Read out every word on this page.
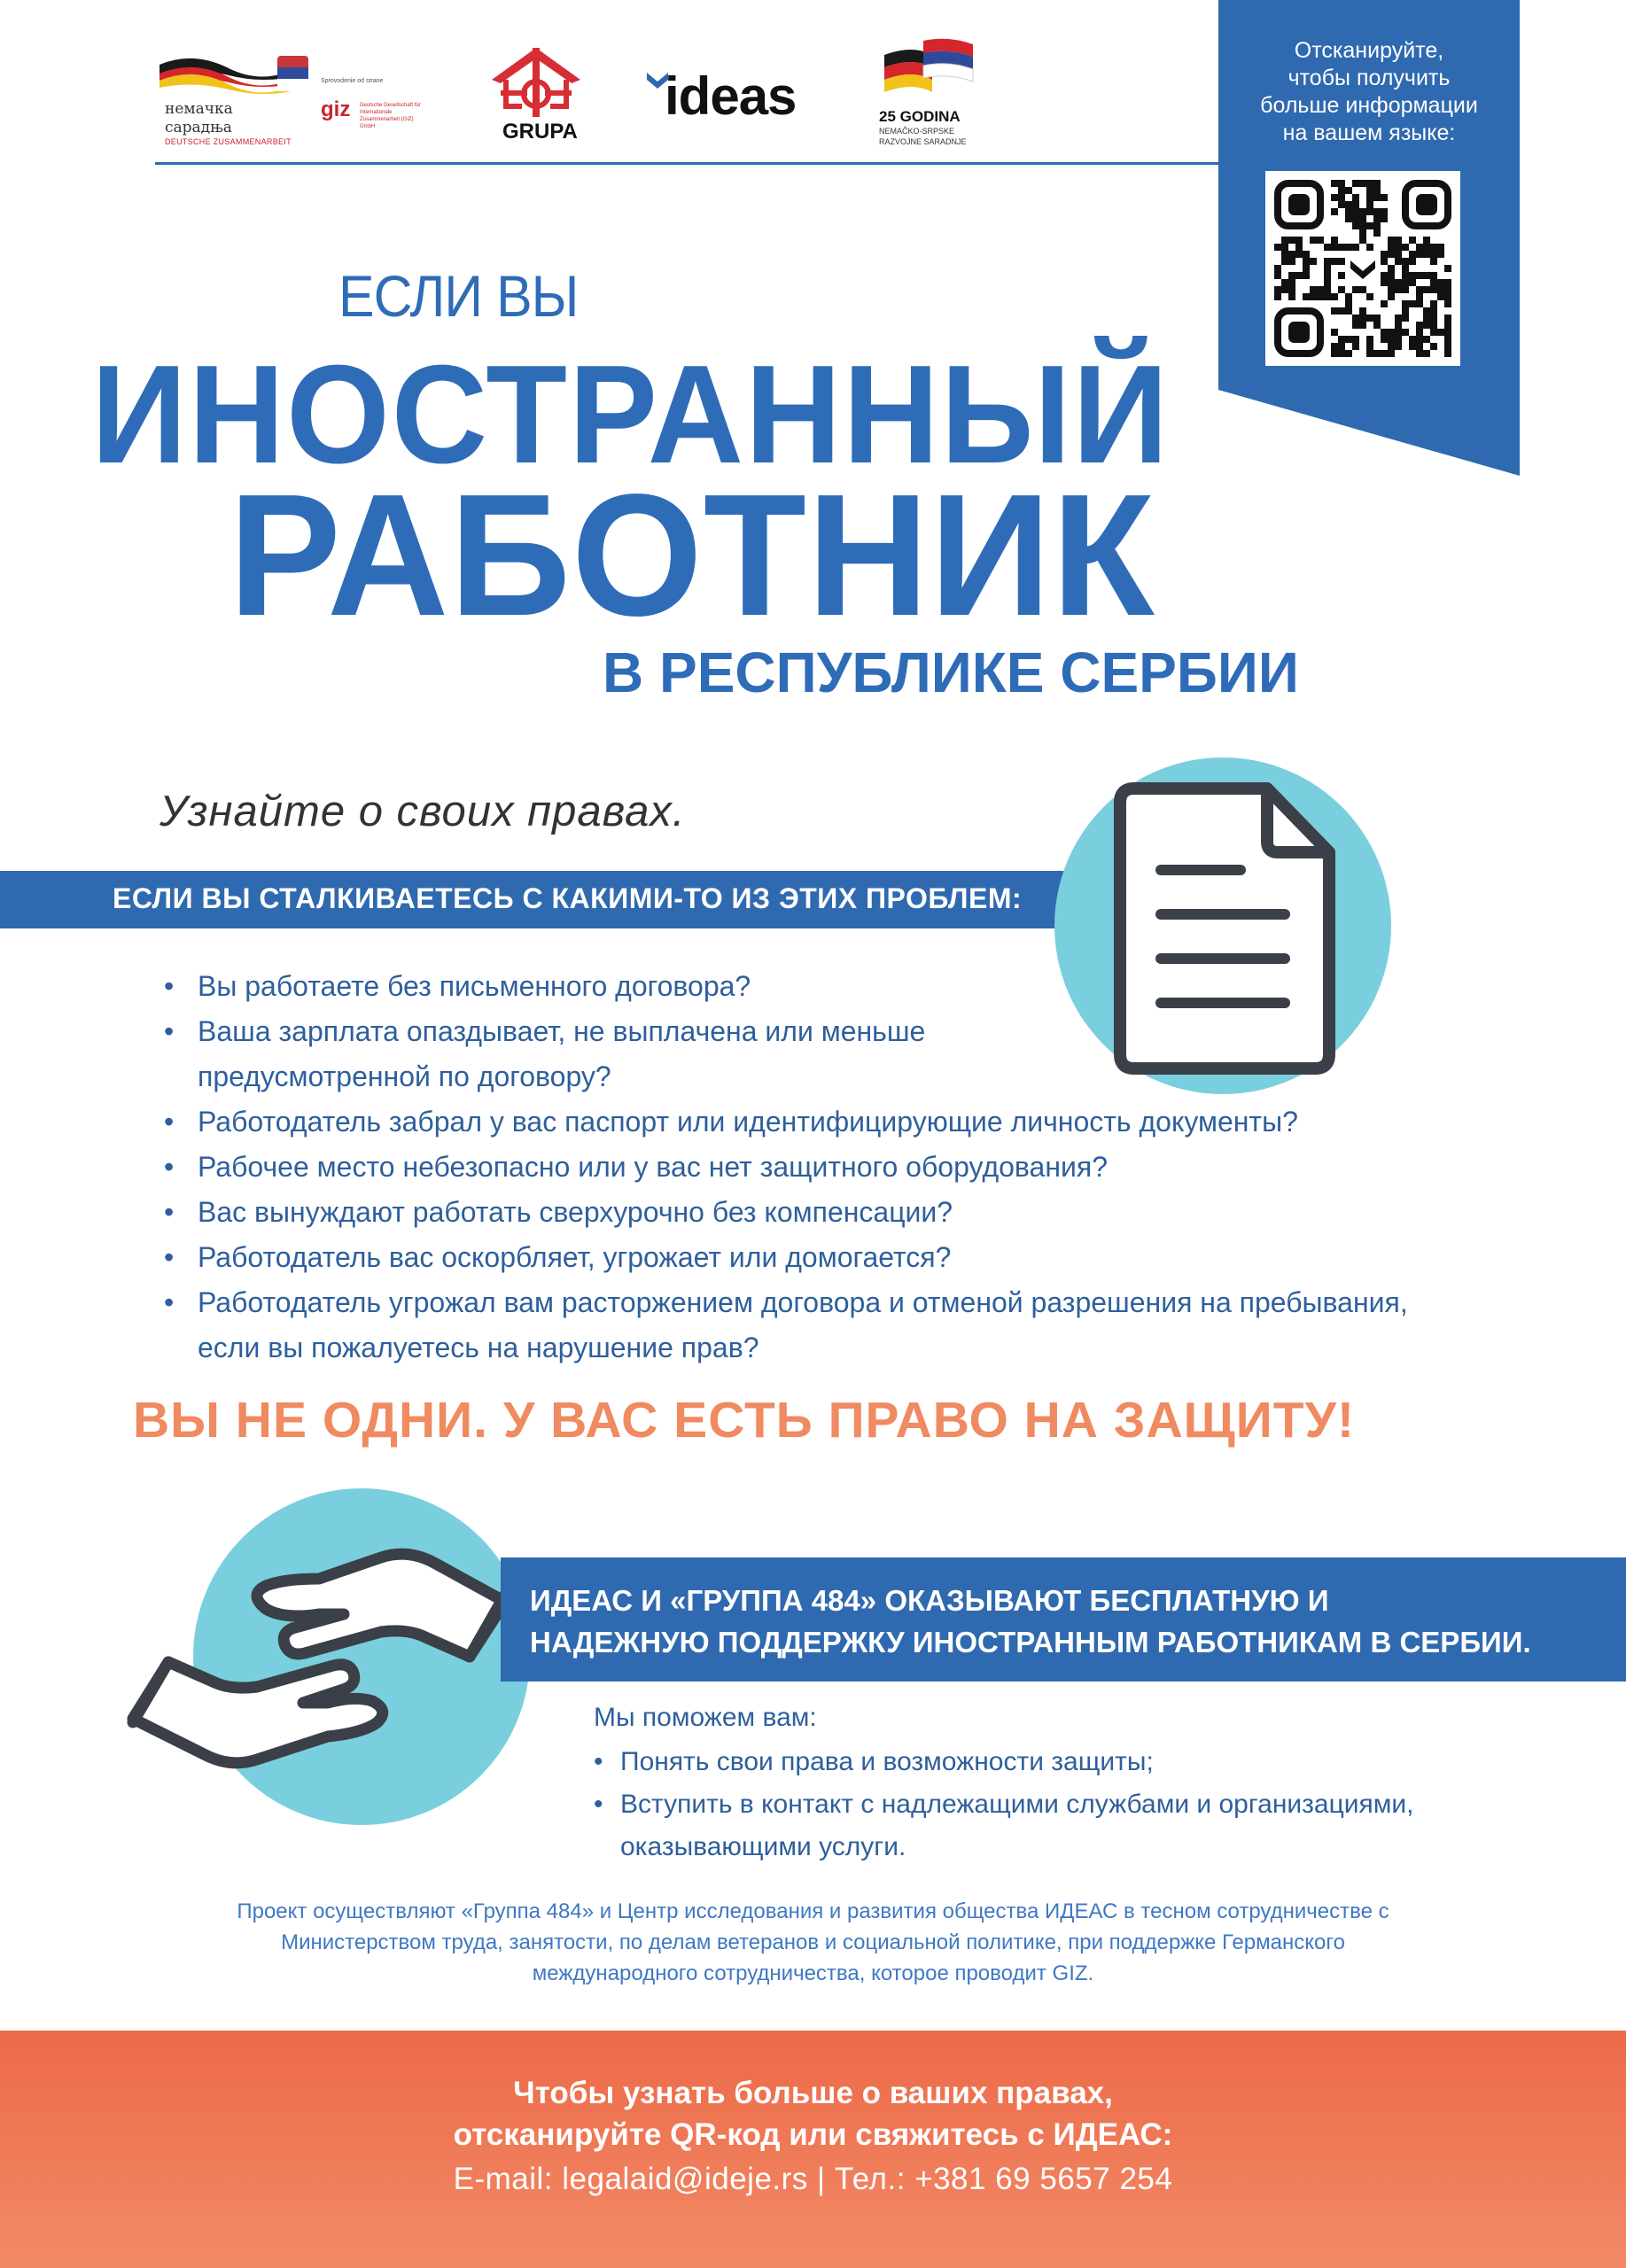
немачка
сарадња
DEUTSCHE ZUSAMMENARBEIT
Sprovodenie od strane
giz Deutsche Gesellschaft für Internationale Zusammenarbeit (GIZ) GmbH	GRUPA
ideas	25 GODINA
NEMAČKO-SRPSKE RAZVOJNE SARADNJE
Отсканируйте,
чтобы получить
больше информации
на вашем языке:
ЕСЛИ ВЫ
ИНОСТРАННЫЙ
РАБОТНИК
В РЕСПУБЛИКЕ СЕРБИИ
Узнайте о своих правах.
ЕСЛИ ВЫ СТАЛКИВАЕТЕСЬ С КАКИМИ-ТО ИЗ ЭТИХ ПРОБЛЕМ:
• Вы работаете без письменного договора?
• Ваша зарплата опаздывает, не выплачена или меньше
предусмотренной по договору?
• Работодатель забрал у вас паспорт или идентифицирующие личность документы?
• Рабочее место небезопасно или у вас нет защитного оборудования?
• Вас вынуждают работать сверхурочно без компенсации?
• Работодатель вас оскорбляет, угрожает или домогается?
• Работодатель угрожал вам расторжением договора и отменой разрешения на пребывания,
если вы пожалуетесь на нарушение прав?
ВЫ НЕ ОДНИ. У ВАС ЕСТЬ ПРАВО НА ЗАЩИТУ!
ИДЕАС И «ГРУППА 484» ОКАЗЫВАЮТ БЕСПЛАТНУЮ И
НАДЕЖНУЮ ПОДДЕРЖКУ ИНОСТРАННЫМ РАБОТНИКАМ В СЕРБИИ.
Мы поможем вам:
• Понять свои права и возможности защиты;
• Вступить в контакт с надлежащими службами и организациями,
оказывающими услуги.
Проект осуществляют «Группа 484» и Центр исследования и развития общества ИДЕАС в тесном сотрудничестве с
Министерством труда, занятости, по делам ветеранов и социальной политике, при поддержке Германского
международного сотрудничества, которое проводит GIZ.
Чтобы узнать больше о ваших правах,
отсканируйте QR-код или свяжитесь с ИДЕАС:
E-mail: legalaid@ideje.rs | Тел.: +381 69 5657 254
